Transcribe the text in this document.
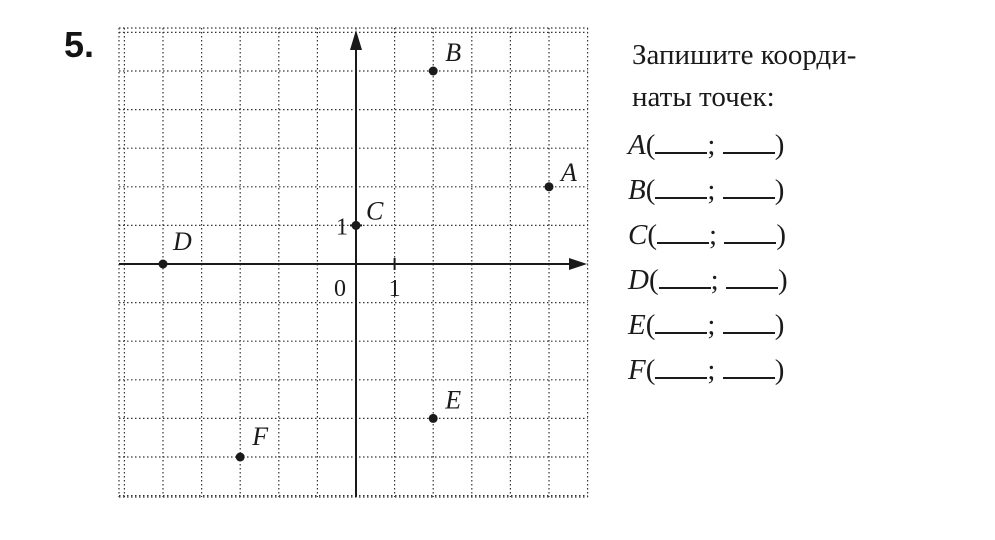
5.
0 1
1
A
B
C
D
E
F
Запишите коорди-
наты точек:
A( ; )
B( ; )
C( ; )
D( ; )
E( ; )
F( ; )
